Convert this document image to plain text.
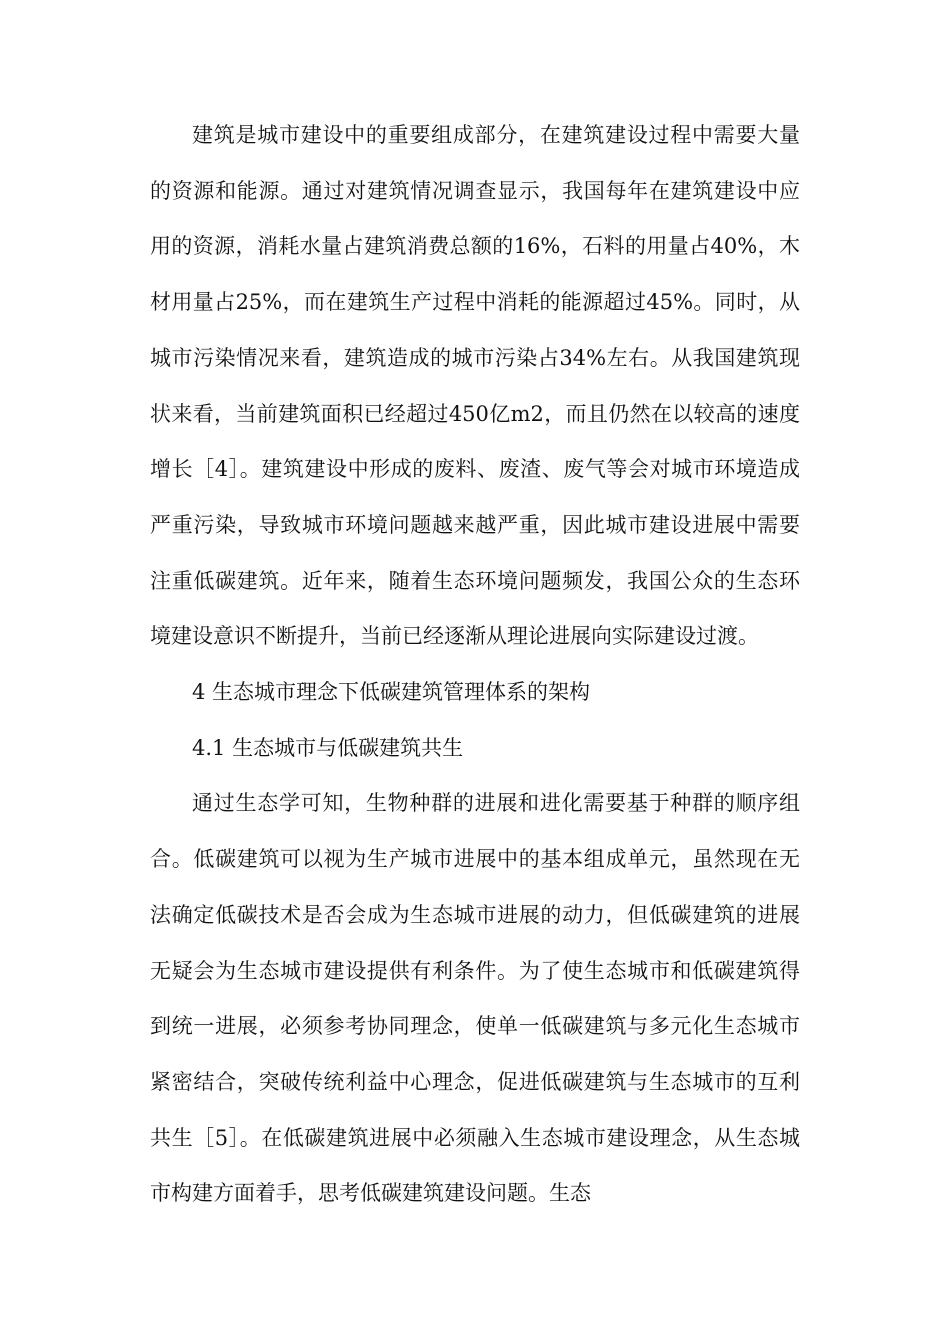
建筑是城市建设中的重要组成部分，在建筑建设过程中需要大量的资源和能源。通过对建筑情况调查显示，我国每年在建筑建设中应用的资源，消耗水量占建筑消费总额的16%，石料的用量占40%，木材用量占25%，而在建筑生产过程中消耗的能源超过45%。同时，从城市污染情况来看，建筑造成的城市污染占34%左右。从我国建筑现状来看，当前建筑面积已经超过450亿m2，而且仍然在以较高的速度增长［4］。建筑建设中形成的废料、废渣、废气等会对城市环境造成严重污染，导致城市环境问题越来越严重，因此城市建设进展中需要注重低碳建筑。近年来，随着生态环境问题频发，我国公众的生态环境建设意识不断提升，当前已经逐渐从理论进展向实际建设过渡。

4 生态城市理念下低碳建筑管理体系的架构

4.1 生态城市与低碳建筑共生

通过生态学可知，生物种群的进展和进化需要基于种群的顺序组合。低碳建筑可以视为生产城市进展中的基本组成单元，虽然现在无法确定低碳技术是否会成为生态城市进展的动力，但低碳建筑的进展无疑会为生态城市建设提供有利条件。为了使生态城市和低碳建筑得到统一进展，必须参考协同理念，使单一低碳建筑与多元化生态城市紧密结合，突破传统利益中心理念，促进低碳建筑与生态城市的互利共生［5］。在低碳建筑进展中必须融入生态城市建设理念，从生态城市构建方面着手，思考低碳建筑建设问题。生态
